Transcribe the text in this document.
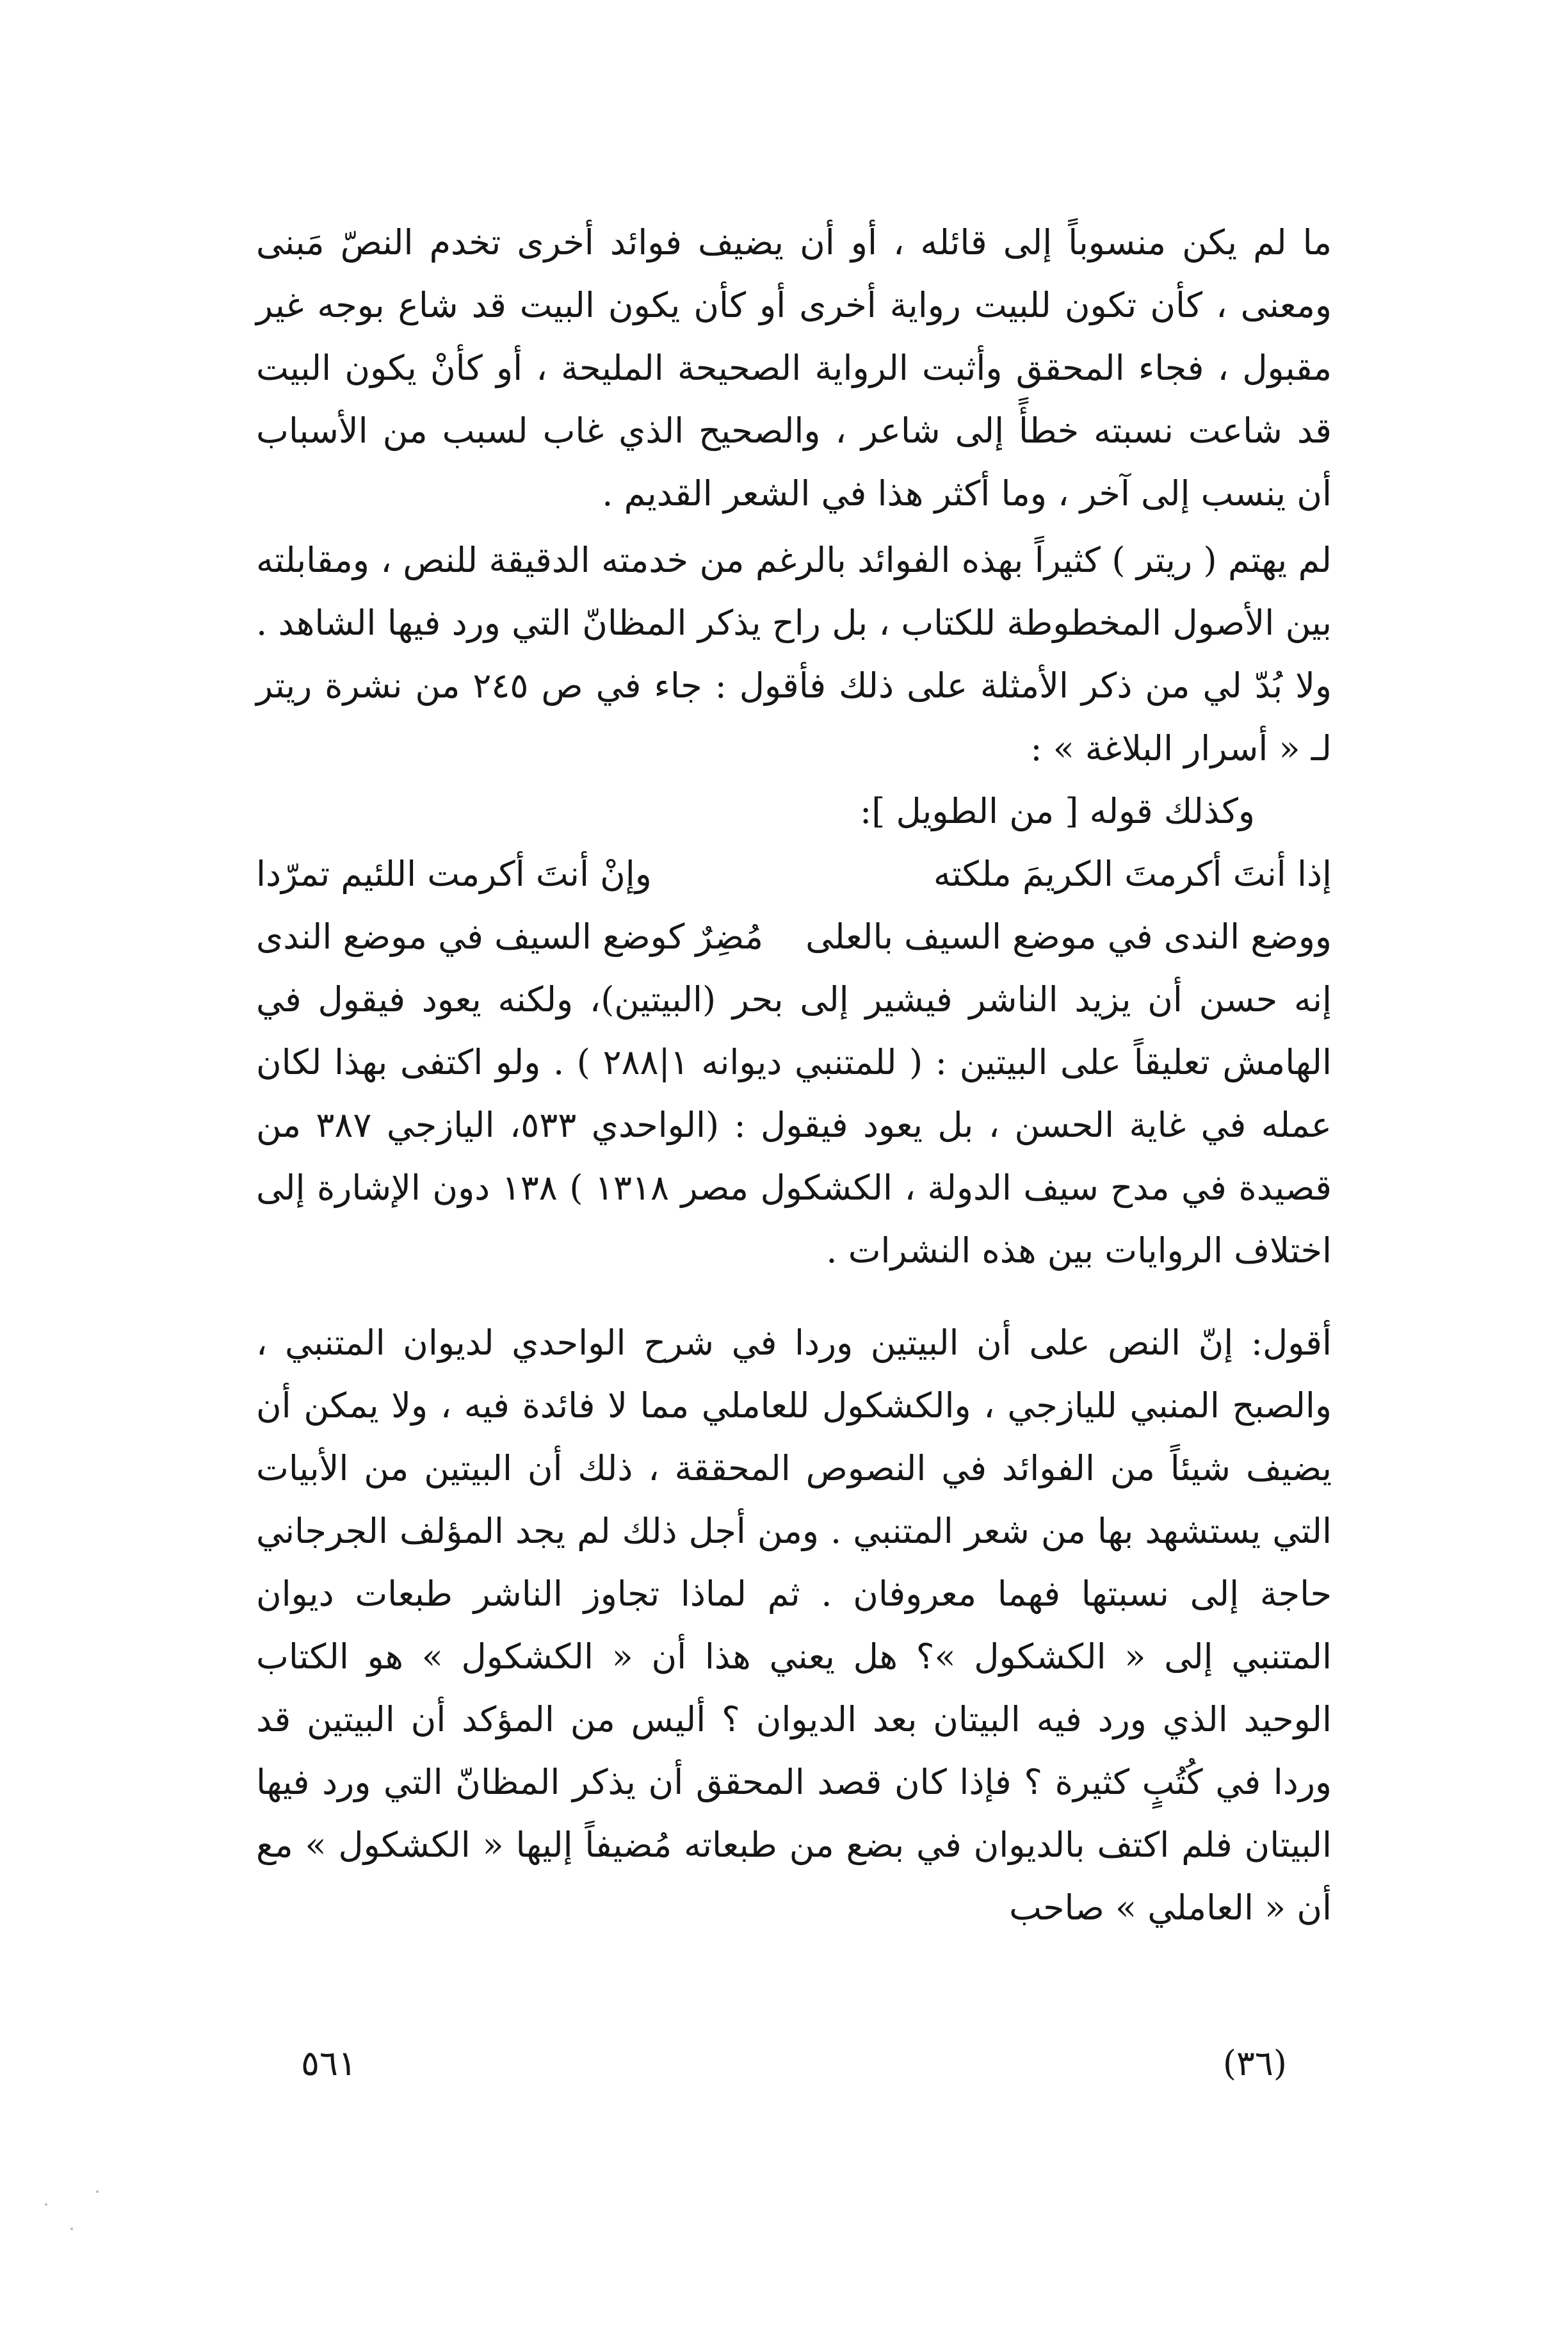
ما لم يكن منسوباً إلى قائله ، أو أن يضيف فوائد أخرى تخدم النصّ مَبنى ومعنى ، كأن تكون للبيت رواية أخرى أو كأن يكون البيت قد شاع بوجه غير مقبول ، فجاء المحقق وأثبت الرواية الصحيحة المليحة ، أو كأنْ يكون البيت قد شاعت نسبته خطأً إلى شاعر ، والصحيح الذي غاب لسبب من الأسباب أن ينسب إلى آخر ، وما أكثر هذا في الشعر القديم .

لم يهتم ( ريتر ) كثيراً بهذه الفوائد بالرغم من خدمته الدقيقة للنص ، ومقابلته بين الأصول المخطوطة للكتاب ، بل راح يذكر المظانّ التي ورد فيها الشاهد . ولا بُدّ لي من ذكر الأمثلة على ذلك فأقول : جاء في ص ٢٤٥ من نشرة ريتر لـ « أسرار البلاغة » :

وكذلك قوله [ من الطويل ]:

إذا أنتَ أكرمتَ الكريمَ ملكته
وإنْ أنتَ أكرمت اللئيم تمرّدا
ووضع الندى في موضع السيف بالعلى
مُضِرٌ كوضع السيف في موضع الندى

إنه حسن أن يزيد الناشر فيشير إلى بحر (البيتين)، ولكنه يعود فيقول في الهامش تعليقاً على البيتين : ( للمتنبي ديوانه ١|٢٨٨ ) . ولو اكتفى بهذا لكان عمله في غاية الحسن ، بل يعود فيقول : (الواحدي ٥٣٣، اليازجي ٣٨٧ من قصيدة في مدح سيف الدولة ، الكشكول مصر ١٣١٨ ) ١٣٨ دون الإشارة إلى اختلاف الروايات بين هذه النشرات .

أقول: إنّ النص على أن البيتين وردا في شرح الواحدي لديوان المتنبي ، والصبح المنبي لليازجي ، والكشكول للعاملي مما لا فائدة فيه ، ولا يمكن أن يضيف شيئاً من الفوائد في النصوص المحققة ، ذلك أن البيتين من الأبيات التي يستشهد بها من شعر المتنبي . ومن أجل ذلك لم يجد المؤلف الجرجاني حاجة إلى نسبتها فهما معروفان . ثم لماذا تجاوز الناشر طبعات ديوان المتنبي إلى « الكشكول »؟ هل يعني هذا أن « الكشكول » هو الكتاب الوحيد الذي ورد فيه البيتان بعد الديوان ؟ أليس من المؤكد أن البيتين قد وردا في كُتُبٍ كثيرة ؟ فإذا كان قصد المحقق أن يذكر المظانّ التي ورد فيها البيتان فلم اكتف بالديوان في بضع من طبعاته مُضيفاً إليها « الكشكول » مع أن « العاملي » صاحب

٥٦١	(٣٦)
